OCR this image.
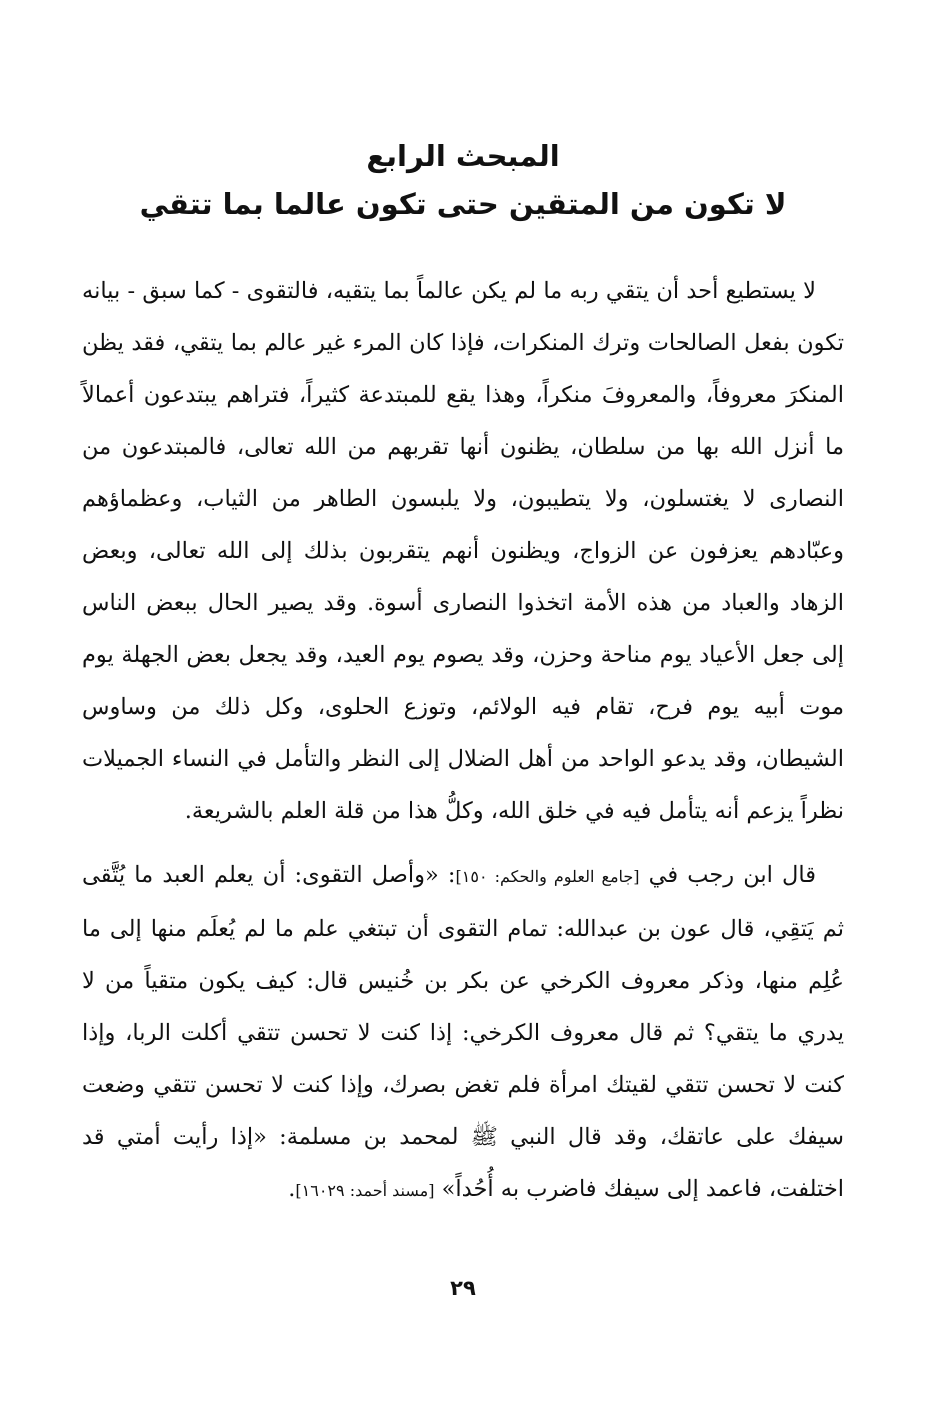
المبحث الرابع
لا تكون من المتقين حتى تكون عالما بما تتقي

لا يستطيع أحد أن يتقي ربه ما لم يكن عالماً بما يتقيه، فالتقوى - كما سبق - بيانه تكون بفعل الصالحات وترك المنكرات، فإذا كان المرء غير عالم بما يتقي، فقد يظن المنكرَ معروفاً، والمعروفَ منكراً، وهذا يقع للمبتدعة كثيراً، فتراهم يبتدعون أعمالاً ما أنزل الله بها من سلطان، يظنون أنها تقربهم من الله تعالى، فالمبتدعون من النصارى لا يغتسلون، ولا يتطيبون، ولا يلبسون الطاهر من الثياب، وعظماؤهم وعبّادهم يعزفون عن الزواج، ويظنون أنهم يتقربون بذلك إلى الله تعالى، وبعض الزهاد والعباد من هذه الأمة اتخذوا النصارى أسوة. وقد يصير الحال ببعض الناس إلى جعل الأعياد يوم مناحة وحزن، وقد يصوم يوم العيد، وقد يجعل بعض الجهلة يوم موت أبيه يوم فرح، تقام فيه الولائم، وتوزع الحلوى، وكل ذلك من وساوس الشيطان، وقد يدعو الواحد من أهل الضلال إلى النظر والتأمل في النساء الجميلات نظراً يزعم أنه يتأمل فيه في خلق الله، وكلُّ هذا من قلة العلم بالشريعة.

قال ابن رجب في [جامع العلوم والحكم: ١٥٠]: «وأصل التقوى: أن يعلم العبد ما يُتَّقى ثم يَتقِي، قال عون بن عبدالله: تمام التقوى أن تبتغي علم ما لم يُعلَم منها إلى ما عُلِم منها، وذكر معروف الكرخي عن بكر بن خُنيس قال: كيف يكون متقياً من لا يدري ما يتقي؟ ثم قال معروف الكرخي: إذا كنت لا تحسن تتقي أكلت الربا، وإذا كنت لا تحسن تتقي لقيتك امرأة فلم تغض بصرك، وإذا كنت لا تحسن تتقي وضعت سيفك على عاتقك، وقد قال النبي ﷺ لمحمد بن مسلمة: «إذا رأيت أمتي قد اختلفت، فاعمد إلى سيفك فاضرب به أُحُداً» [مسند أحمد: ١٦٠٢٩].

٢٩
